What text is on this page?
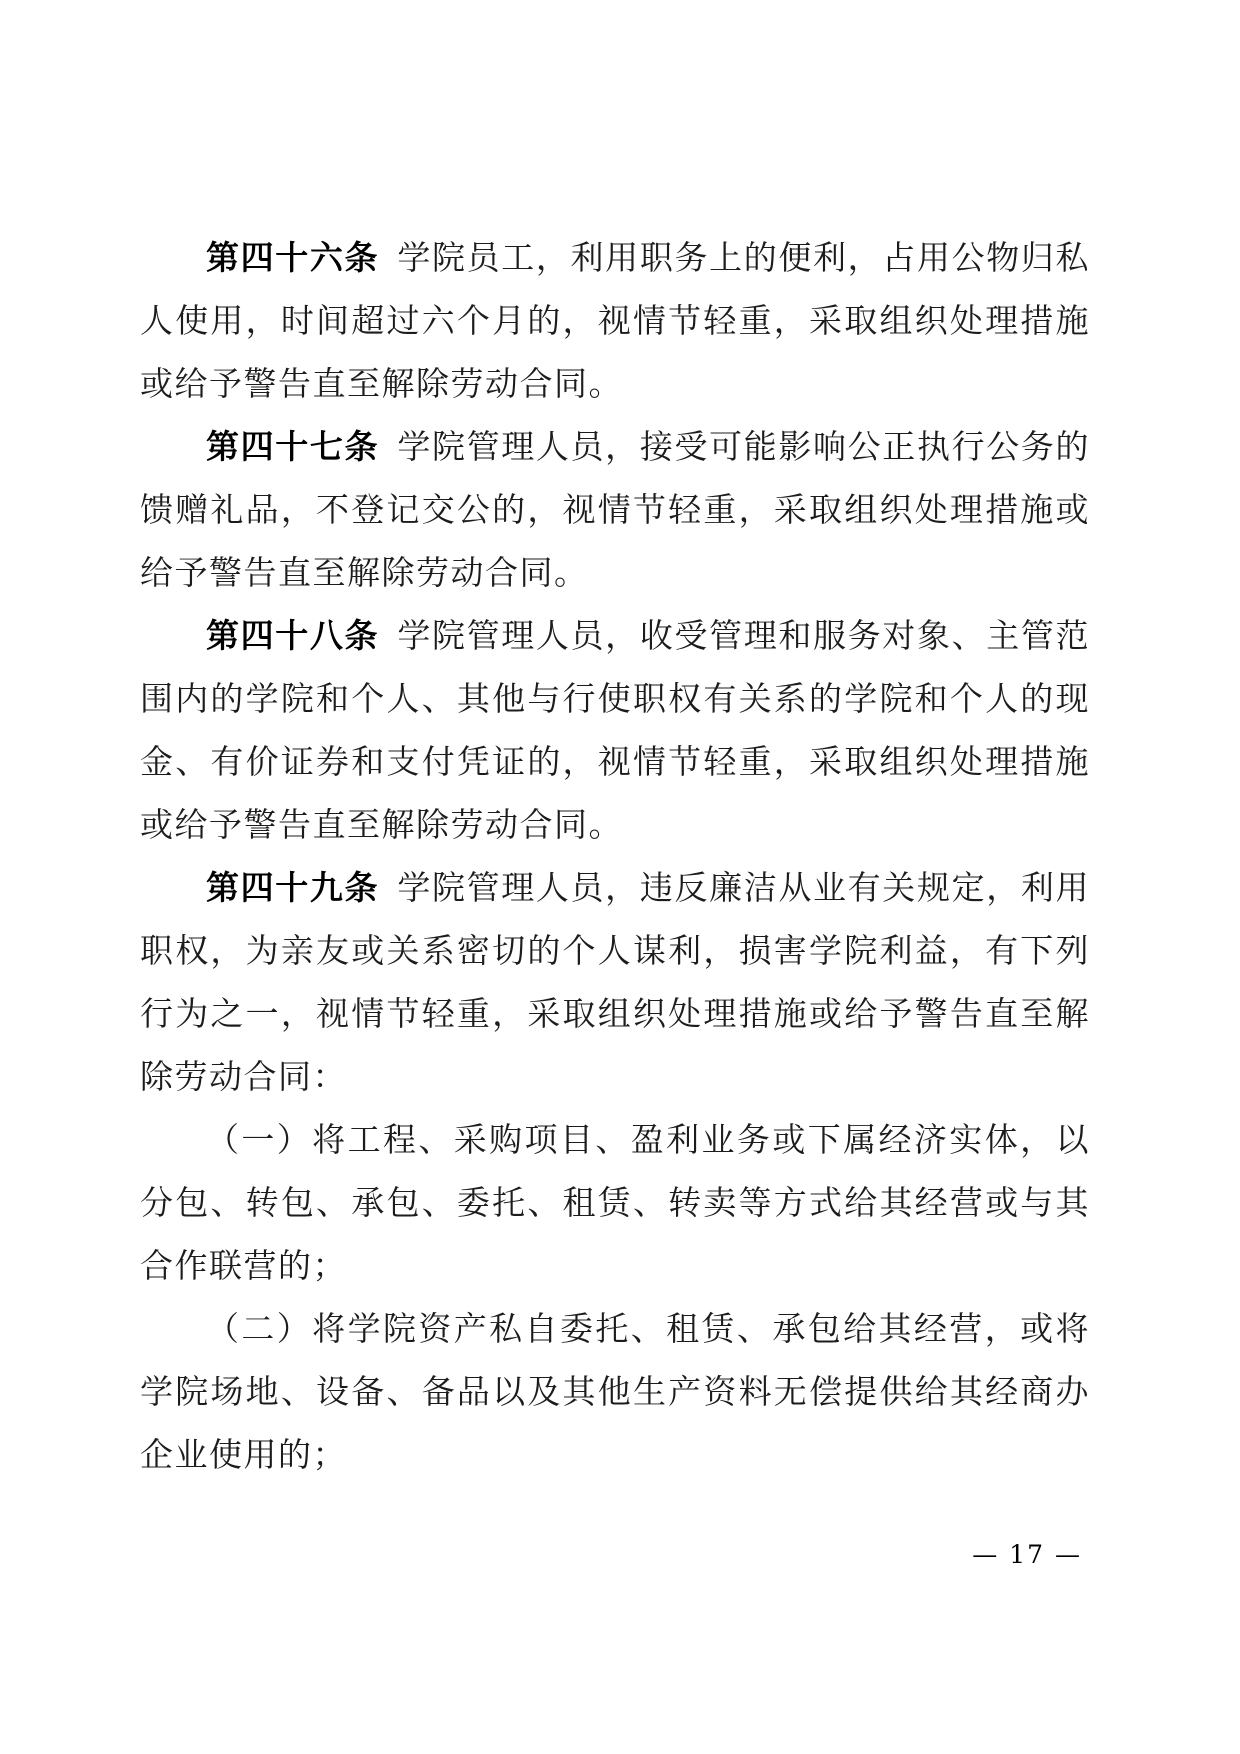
第四十六条 学院员工，利用职务上的便利，占用公物归私人使用，时间超过六个月的，视情节轻重，采取组织处理措施或给予警告直至解除劳动合同。

第四十七条 学院管理人员，接受可能影响公正执行公务的馈赠礼品，不登记交公的，视情节轻重，采取组织处理措施或给予警告直至解除劳动合同。

第四十八条 学院管理人员，收受管理和服务对象、主管范围内的学院和个人、其他与行使职权有关系的学院和个人的现金、有价证券和支付凭证的，视情节轻重，采取组织处理措施或给予警告直至解除劳动合同。

第四十九条 学院管理人员，违反廉洁从业有关规定，利用职权，为亲友或关系密切的个人谋利，损害学院利益，有下列行为之一，视情节轻重，采取组织处理措施或给予警告直至解除劳动合同：

（一）将工程、采购项目、盈利业务或下属经济实体，以分包、转包、承包、委托、租赁、转卖等方式给其经营或与其合作联营的；

（二）将学院资产私自委托、租赁、承包给其经营，或将学院场地、设备、备品以及其他生产资料无偿提供给其经商办企业使用的；

— 17 —
